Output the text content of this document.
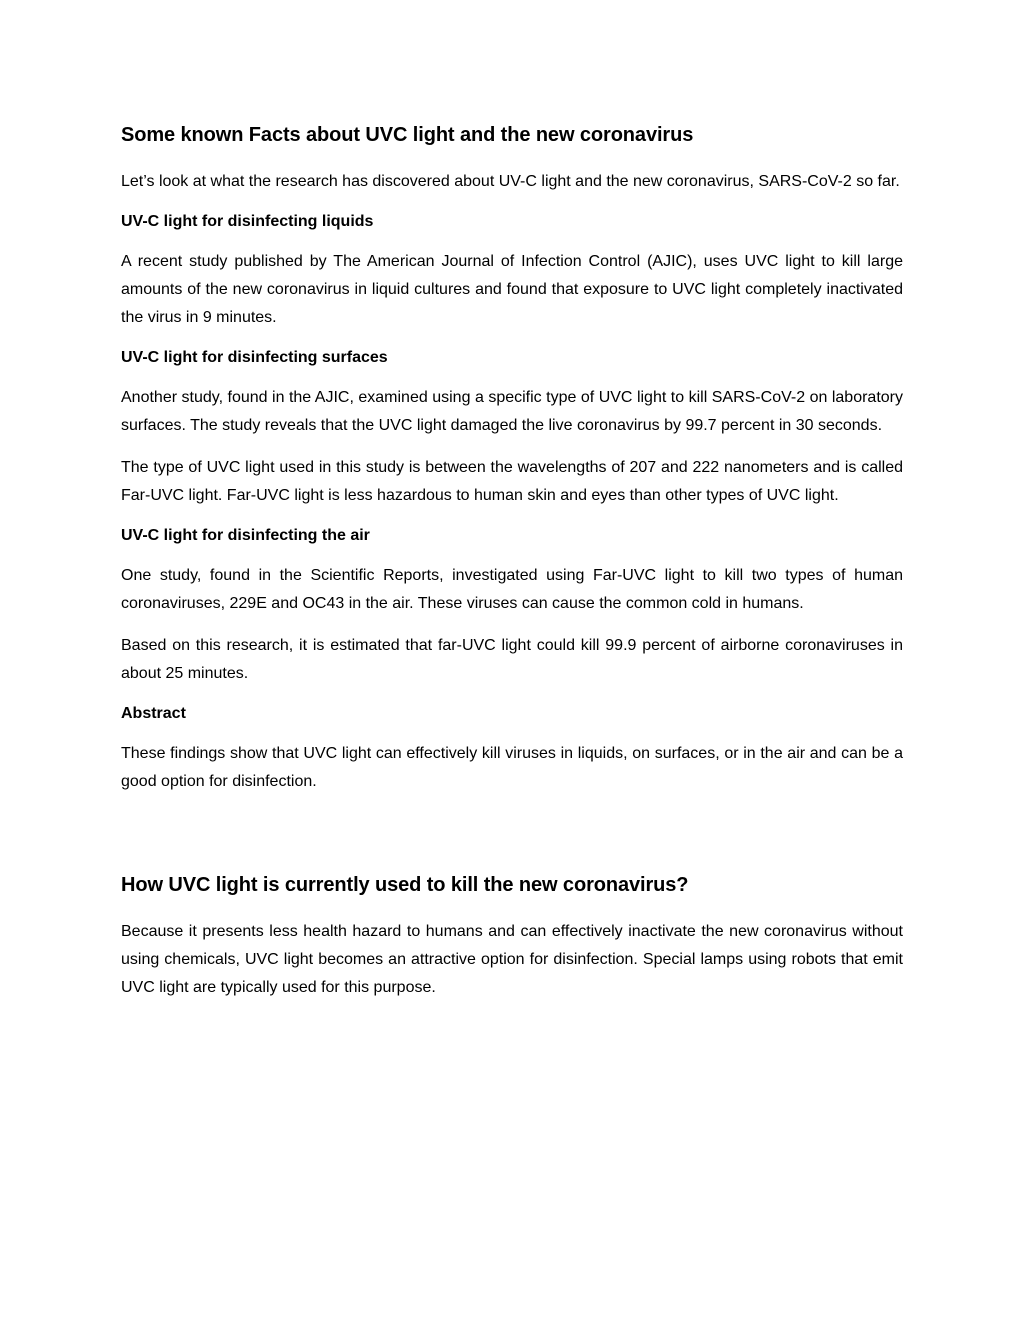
Some known Facts about UVC light and the new coronavirus

Let’s look at what the research has discovered about UV-C light and the new coronavirus, SARS-CoV-2 so far.

UV-C light for disinfecting liquids

A recent study published by The American Journal of Infection Control (AJIC), uses UVC light to kill large amounts of the new coronavirus in liquid cultures and found that exposure to UVC light completely inactivated the virus in 9 minutes.

UV-C light for disinfecting surfaces

Another study, found in the AJIC, examined using a specific type of UVC light to kill SARS-CoV-2 on laboratory surfaces. The study reveals that the UVC light damaged the live coronavirus by 99.7 percent in 30 seconds.

The type of UVC light used in this study is between the wavelengths of 207 and 222 nanometers and is called Far-UVC light. Far-UVC light is less hazardous to human skin and eyes than other types of UVC light.

UV-C light for disinfecting the air

One study, found in the Scientific Reports, investigated using Far-UVC light to kill two types of human coronaviruses, 229E and OC43 in the air. These viruses can cause the common cold in humans.

Based on this research, it is estimated that far-UVC light could kill 99.9 percent of airborne coronaviruses in about 25 minutes.

Abstract

These findings show that UVC light can effectively kill viruses in liquids, on surfaces, or in the air and can be a good option for disinfection.

How UVC light is currently used to kill the new coronavirus?

Because it presents less health hazard to humans and can effectively inactivate the new coronavirus without using chemicals, UVC light becomes an attractive option for disinfection. Special lamps using robots that emit UVC light are typically used for this purpose.
